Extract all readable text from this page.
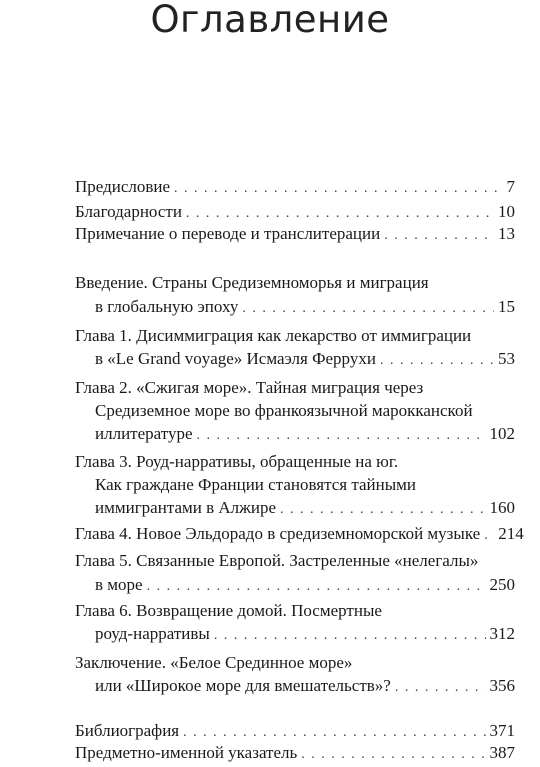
Оглавление
Предисловие . . .	7
Благодарности . . .	10
Примечание о переводе и транслитерации . . .	13
Введение. Страны Средиземноморья и миграция
в глобальную эпоху . . .	15
Глава 1. Дисиммиграция как лекарство от иммиграции
в «Le Grand voyage» Исмаэля Феррухи . . .	53
Глава 2. «Сжигая море». Тайная миграция через
Средиземное море во франкоязычной марокканской
иллитературе . . .	102
Глава 3. Роуд-нарративы, обращенные на юг.
Как граждане Франции становятся тайными
иммигрантами в Алжире . . .	160
Глава 4. Новое Эльдорадо в средиземноморской музыке . . . 214
Глава 5. Связанные Европой. Застреленные «нелегалы»
в море . . .	250
Глава 6. Возвращение домой. Посмертные
роуд-нарративы . . .	312
Заключение. «Белое Срединное море»
или «Широкое море для вмешательств»? . . .	356
Библиография . . .	371
Предметно-именной указатель . . .	387
